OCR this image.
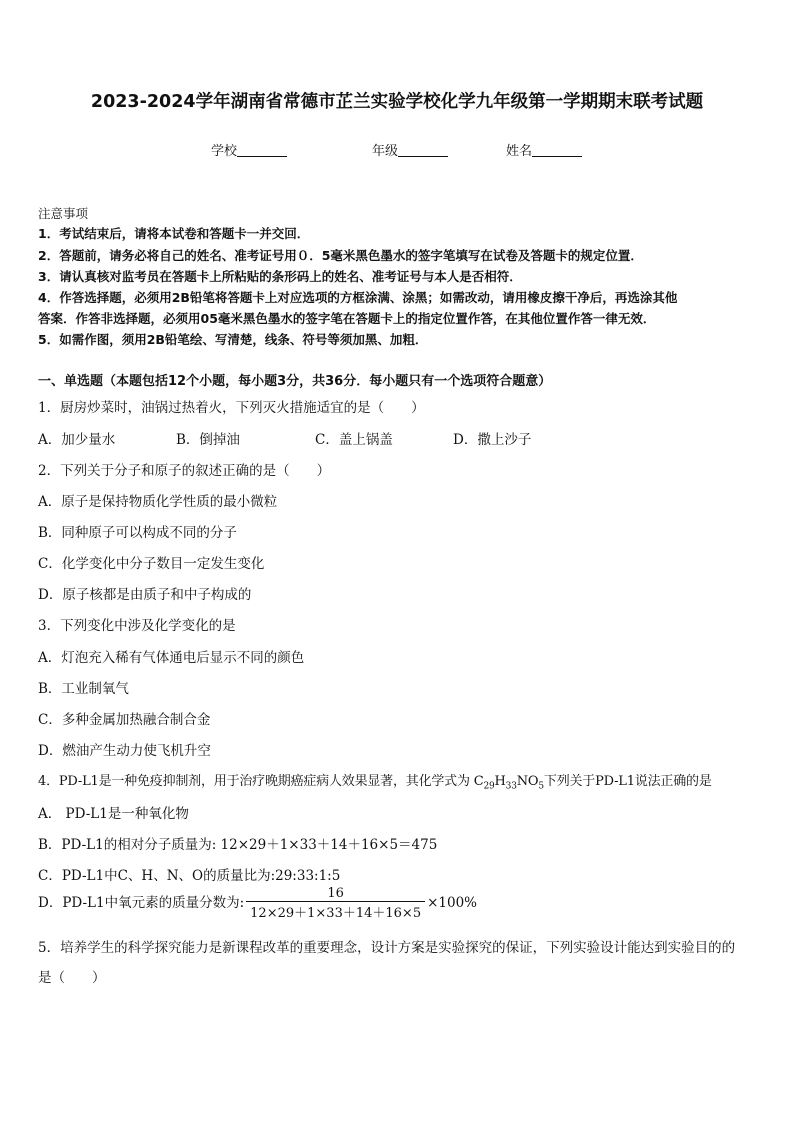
2023-2024学年湖南省常德市芷兰实验学校化学九年级第一学期期末联考试题
学校	年级	姓名
注意事项
1．考试结束后，请将本试卷和答题卡一并交回．
2．答题前，请务必将自己的姓名、准考证号用０．5毫米黑色墨水的签字笔填写在试卷及答题卡的规定位置．
3．请认真核对监考员在答题卡上所粘贴的条形码上的姓名、准考证号与本人是否相符．
4．作答选择题，必须用2B铅笔将答题卡上对应选项的方框涂满、涂黑；如需改动，请用橡皮擦干净后，再选涂其他
答案．作答非选择题，必须用05毫米黑色墨水的签字笔在答题卡上的指定位置作答，在其他位置作答一律无效．
5．如需作图，须用2B铅笔绘、写清楚，线条、符号等须加黑、加粗．
一、单选题（本题包括12个小题，每小题3分，共36分．每小题只有一个选项符合题意）
1．厨房炒菜时，油锅过热着火，下列灭火措施适宜的是（　　）
A．加少量水	B．倒掉油	C．盖上锅盖	D．撒上沙子
2．下列关于分子和原子的叙述正确的是（　　）
A．原子是保持物质化学性质的最小微粒
B．同种原子可以构成不同的分子
C．化学变化中分子数目一定发生变化
D．原子核都是由质子和中子构成的
3．下列变化中涉及化学变化的是
A．灯泡充入稀有气体通电后显示不同的颜色
B．工业制氧气
C．多种金属加热融合制合金
D．燃油产生动力使飞机升空
4．PD-L1是一种免疫抑制剂，用于治疗晚期癌症病人效果显著，其化学式为 $C_{29}H_{33}NO_5$下列关于PD-L1说法正确的是
A． PD-L1是一种氧化物
B．PD-L1的相对分子质量为: 12×29＋1×33＋14＋16×5＝475
C．PD-L1中C、H、N、O的质量比为:29:33:1:5
D．PD-L1中氧元素的质量分数为: $\frac{16}{12\times 29+1\times 33+14+16\times 5} \times 100\%$
5．培养学生的科学探究能力是新课程改革的重要理念，设计方案是实验探究的保证，下列实验设计能达到实验目的的
是（　　）
